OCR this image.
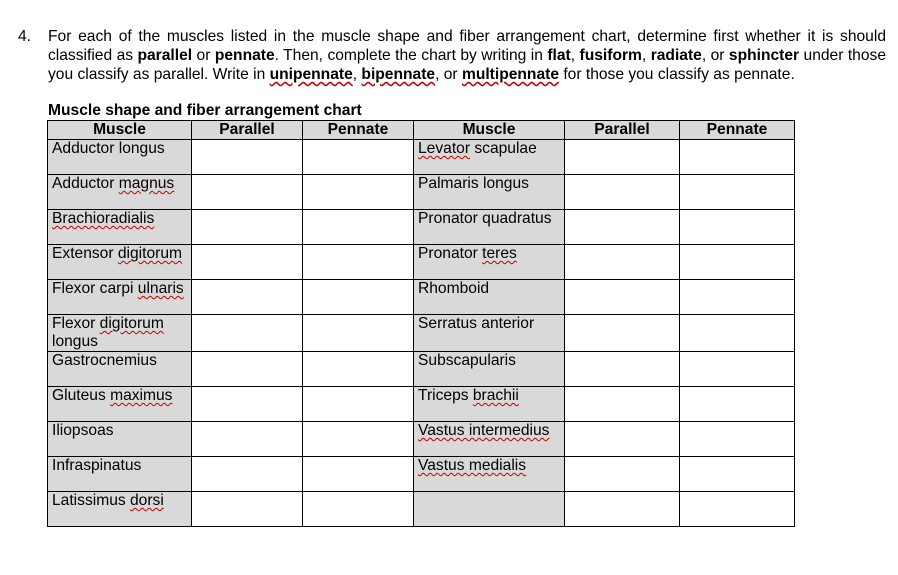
4. For each of the muscles listed in the muscle shape and fiber arrangement chart, determine first whether it is should classified as parallel or pennate. Then, complete the chart by writing in flat, fusiform, radiate, or sphincter under those you classify as parallel. Write in unipennate, bipennate, or multipennate for those you classify as pennate.
Muscle shape and fiber arrangement chart
Muscle	Parallel	Pennate	Muscle	Parallel	Pennate
Adductor longus			Levator scapulae		
Adductor magnus			Palmaris longus		
Brachioradialis			Pronator quadratus		
Extensor digitorum			Pronator teres		
Flexor carpi ulnaris			Rhomboid		
Flexor digitorum longus			Serratus anterior		
Gastrocnemius			Subscapularis		
Gluteus maximus			Triceps brachii		
Iliopsoas			Vastus intermedius		
Infraspinatus			Vastus medialis		
Latissimus dorsi					
